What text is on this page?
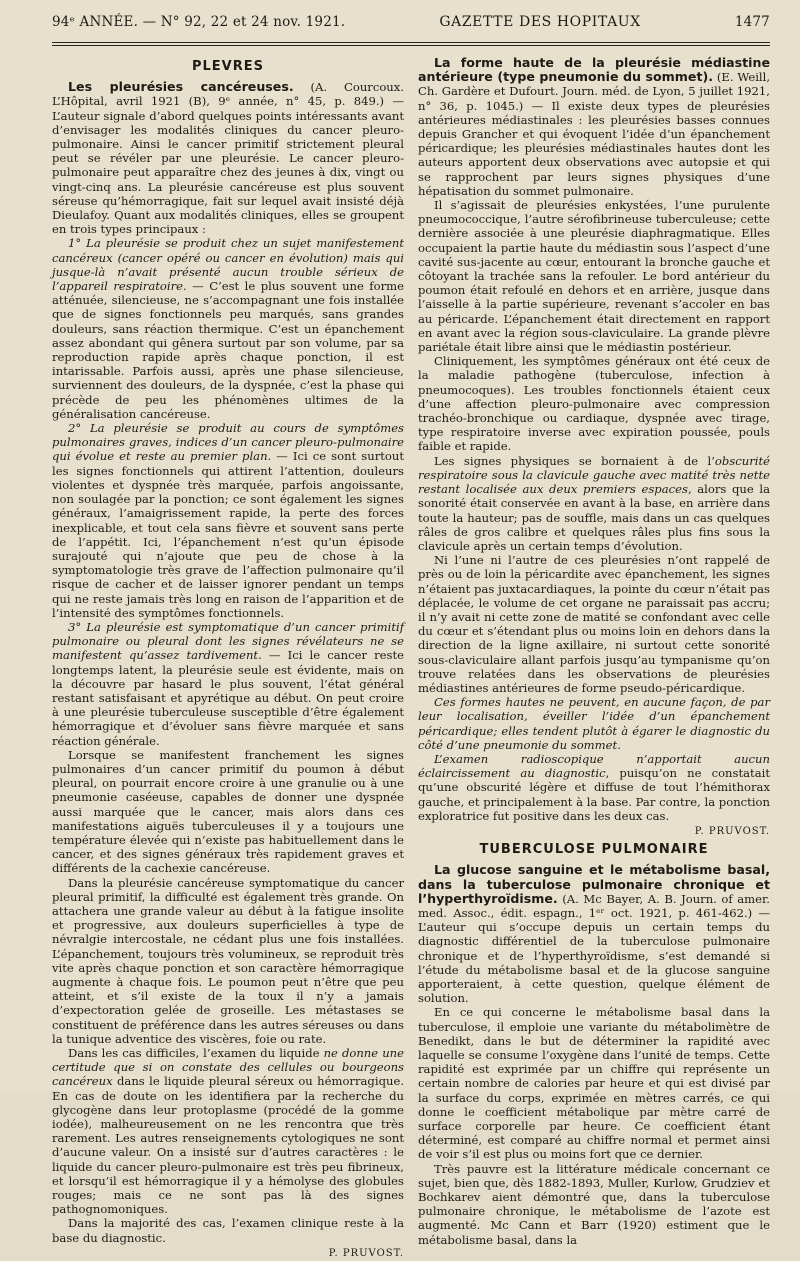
94ᵉ ANNÉE. — N° 92, 22 et 24 nov. 1921.	GAZETTE DES HOPITAUX	1477
PLEVRES

Les pleurésies cancéreuses. (A. Courcoux. L’Hôpital, avril 1921 (B), 9ᵉ année, n° 45, p. 849.) — L’auteur signale d’abord quelques points intéressants avant d’envisager les modalités cliniques du cancer pleuro-pulmonaire. Ainsi le cancer primitif strictement pleural peut se révéler par une pleurésie. Le cancer pleuro-pulmonaire peut apparaître chez des jeunes à dix, vingt ou vingt-cinq ans. La pleurésie cancéreuse est plus souvent séreuse qu’hémorragique, fait sur lequel avait insisté déjà Dieulafoy. Quant aux modalités cliniques, elles se groupent en trois types principaux :

1° La pleurésie se produit chez un sujet manifestement cancéreux (cancer opéré ou cancer en évolution) mais qui jusque-là n’avait présenté aucun trouble sérieux de l’appareil respiratoire. — C’est le plus souvent une forme atténuée, silencieuse, ne s’accompagnant une fois installée que de signes fonctionnels peu marqués, sans grandes douleurs, sans réaction thermique. C’est un épanchement assez abondant qui gênera surtout par son volume, par sa reproduction rapide après chaque ponction, il est intarissable. Parfois aussi, après une phase silencieuse, surviennent des douleurs, de la dyspnée, c’est la phase qui précède de peu les phénomènes ultimes de la généralisation cancéreuse.

2° La pleurésie se produit au cours de symptômes pulmonaires graves, indices d’un cancer pleuro-pulmonaire qui évolue et reste au premier plan. — Ici ce sont surtout les signes fonctionnels qui attirent l’attention, douleurs violentes et dyspnée très marquée, parfois angoissante, non soulagée par la ponction; ce sont également les signes généraux, l’amaigrissement rapide, la perte des forces inexplicable, et tout cela sans fièvre et souvent sans perte de l’appétit. Ici, l’épanchement n’est qu’un épisode surajouté qui n’ajoute que peu de chose à la symptomatologie très grave de l’affection pulmonaire qu’il risque de cacher et de laisser ignorer pendant un temps qui ne reste jamais très long en raison de l’apparition et de l’intensité des symptômes fonctionnels.

3° La pleurésie est symptomatique d’un cancer primitif pulmonaire ou pleural dont les signes révélateurs ne se manifestent qu’assez tardivement. — Ici le cancer reste longtemps latent, la pleurésie seule est évidente, mais on la découvre par hasard le plus souvent, l’état général restant satisfaisant et apyrétique au début. On peut croire à une pleurésie tuberculeuse susceptible d’être également hémorragique et d’évoluer sans fièvre marquée et sans réaction générale.

Lorsque se manifestent franchement les signes pulmonaires d’un cancer primitif du poumon à début pleural, on pourrait encore croire à une granulie ou à une pneumonie caséeuse, capables de donner une dyspnée aussi marquée que le cancer, mais alors dans ces manifestations aiguës tuberculeuses il y a toujours une température élevée qui n’existe pas habituellement dans le cancer, et des signes généraux très rapidement graves et différents de la cachexie cancéreuse.

Dans la pleurésie cancéreuse symptomatique du cancer pleural primitif, la difficulté est également très grande. On attachera une grande valeur au début à la fatigue insolite et progressive, aux douleurs superficielles à type de névralgie intercostale, ne cédant plus une fois installées. L’épanchement, toujours très volumineux, se reproduit très vite après chaque ponction et son caractère hémorragique augmente à chaque fois. Le poumon peut n’être que peu atteint, et s’il existe de la toux il n’y a jamais d’expectoration gelée de groseille. Les métastases se constituent de préférence dans les autres séreuses ou dans la tunique adventice des viscères, foie ou rate.

Dans les cas difficiles, l’examen du liquide ne donne une certitude que si on constate des cellules ou bourgeons cancéreux dans le liquide pleural séreux ou hémorragique. En cas de doute on les identifiera par la recherche du glycogène dans leur protoplasme (procédé de la gomme iodée), malheureusement on ne les rencontra que très rarement. Les autres renseignements cytologiques ne sont d’aucune valeur. On a insisté sur d’autres caractères : le liquide du cancer pleuro-pulmonaire est très peu fibrineux, et lorsqu’il est hémorragique il y a hémolyse des globules rouges; mais ce ne sont pas là des signes pathognomoniques.

Dans la majorité des cas, l’examen clinique reste à la base du diagnostic.

P. PRUVOST.

La forme haute de la pleurésie médiastine antérieure (type pneumonie du sommet). (E. Weill, Ch. Gardère et Dufourt. Journ. méd. de Lyon, 5 juillet 1921, n° 36, p. 1045.) — Il existe deux types de pleurésies antérieures médiastinales : les pleurésies basses connues depuis Grancher et qui évoquent l’idée d’un épanchement péricardique; les pleurésies médiastinales hautes dont les auteurs apportent deux observations avec autopsie et qui se rapprochent par leurs signes physiques d’une hépatisation du sommet pulmonaire.

Il s’agissait de pleurésies enkystées, l’une purulente pneumococcique, l’autre sérofibrineuse tuberculeuse; cette dernière associée à une pleurésie diaphragmatique. Elles occupaient la partie haute du médiastin sous l’aspect d’une cavité sus-jacente au cœur, entourant la bronche gauche et côtoyant la trachée sans la refouler. Le bord antérieur du poumon était refoulé en dehors et en arrière, jusque dans l’aisselle à la partie supérieure, revenant s’accoler en bas au péricarde. L’épanchement était directement en rapport en avant avec la région sous-claviculaire. La grande plèvre pariétale était libre ainsi que le médiastin postérieur.

Cliniquement, les symptômes généraux ont été ceux de la maladie pathogène (tuberculose, infection à pneumocoques). Les troubles fonctionnels étaient ceux d’une affection pleuro-pulmonaire avec compression trachéo-bronchique ou cardiaque, dyspnée avec tirage, type respiratoire inverse avec expiration poussée, pouls faible et rapide.

Les signes physiques se bornaient à de l’obscurité respiratoire sous la clavicule gauche avec matité très nette restant localisée aux deux premiers espaces, alors que la sonorité était conservée en avant à la base, en arrière dans toute la hauteur; pas de souffle, mais dans un cas quelques râles de gros calibre et quelques râles plus fins sous la clavicule après un certain temps d’évolution.

Ni l’une ni l’autre de ces pleurésies n’ont rappelé de près ou de loin la péricardite avec épanchement, les signes n’étaient pas juxtacardiaques, la pointe du cœur n’était pas déplacée, le volume de cet organe ne paraissait pas accru; il n’y avait ni cette zone de matité se confondant avec celle du cœur et s’étendant plus ou moins loin en dehors dans la direction de la ligne axillaire, ni surtout cette sonorité sous-claviculaire allant parfois jusqu’au tympanisme qu’on trouve relatées dans les observations de pleurésies médiastines antérieures de forme pseudo-péricardique.

Ces formes hautes ne peuvent, en aucune façon, de par leur localisation, éveiller l’idée d’un épanchement péricardique; elles tendent plutôt à égarer le diagnostic du côté d’une pneumonie du sommet.

L’examen radioscopique n’apportait aucun éclaircissement au diagnostic, puisqu’on ne constatait qu’une obscurité légère et diffuse de tout l’hémithorax gauche, et principalement à la base. Par contre, la ponction exploratrice fut positive dans les deux cas.

P. PRUVOST.
TUBERCULOSE PULMONAIRE

La glucose sanguine et le métabolisme basal, dans la tuberculose pulmonaire chronique et l’hyperthyroïdisme. (A. Mc Bayer, A. B. Journ. of amer. med. Assoc., édit. espagn., 1ᵉʳ oct. 1921, p. 461-462.) — L’auteur qui s’occupe depuis un certain temps du diagnostic différentiel de la tuberculose pulmonaire chronique et de l’hyperthyroïdisme, s’est demandé si l’étude du métabolisme basal et de la glucose sanguine apporteraient, à cette question, quelque élément de solution.

En ce qui concerne le métabolisme basal dans la tuberculose, il emploie une variante du métabolimètre de Benedikt, dans le but de déterminer la rapidité avec laquelle se consume l’oxygène dans l’unité de temps. Cette rapidité est exprimée par un chiffre qui représente un certain nombre de calories par heure et qui est divisé par la surface du corps, exprimée en mètres carrés, ce qui donne le coefficient métabolique par mètre carré de surface corporelle par heure. Ce coefficient étant déterminé, est comparé au chiffre normal et permet ainsi de voir s’il est plus ou moins fort que ce dernier.

Très pauvre est la littérature médicale concernant ce sujet, bien que, dès 1882-1893, Muller, Kurlow, Grudziev et Bochkarev aient démontré que, dans la tuberculose pulmonaire chronique, le métabolisme de l’azote est augmenté. Mc Cann et Barr (1920) estiment que le métabolisme basal, dans la
